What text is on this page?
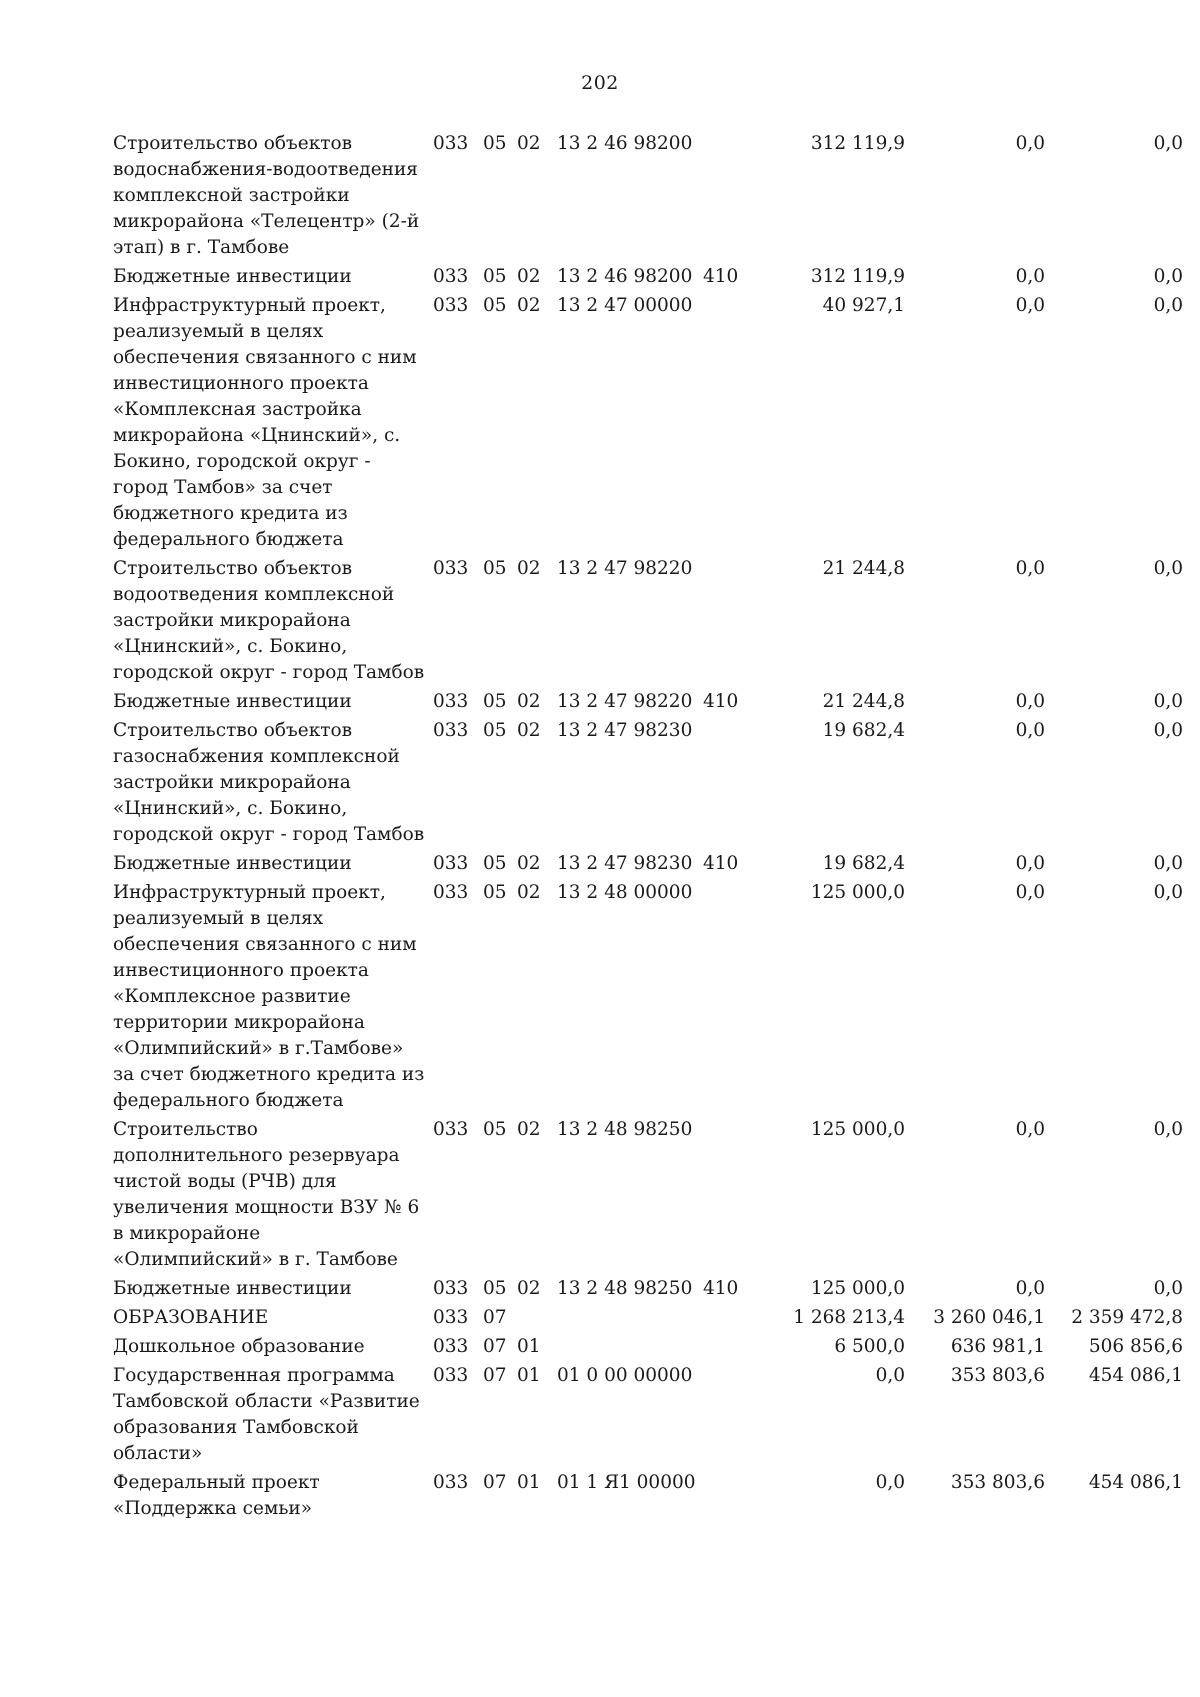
202
Строительство объектов водоснабжения-водоотведения комплексной застройки микрорайона «Телецентр» (2-й этап) в г. Тамбове	033	05	02	13 2 46 98200		312 119,9	0,0	0,0
Бюджетные инвестиции	033	05	02	13 2 46 98200	410	312 119,9	0,0	0,0
Инфраструктурный проект, реализуемый в целях обеспечения связанного с ним инвестиционного проекта «Комплексная застройка микрорайона «Цнинский», с. Бокино, городской округ - город Тамбов» за счет бюджетного кредита из федерального бюджета	033	05	02	13 2 47 00000		40 927,1	0,0	0,0
Строительство объектов водоотведения комплексной застройки микрорайона «Цнинский», с. Бокино, городской округ - город Тамбов	033	05	02	13 2 47 98220		21 244,8	0,0	0,0
Бюджетные инвестиции	033	05	02	13 2 47 98220	410	21 244,8	0,0	0,0
Строительство объектов газоснабжения комплексной застройки микрорайона «Цнинский», с. Бокино, городской округ - город Тамбов	033	05	02	13 2 47 98230		19 682,4	0,0	0,0
Бюджетные инвестиции	033	05	02	13 2 47 98230	410	19 682,4	0,0	0,0
Инфраструктурный проект, реализуемый в целях обеспечения связанного с ним инвестиционного проекта «Комплексное развитие территории микрорайона «Олимпийский» в г.Тамбове» за счет бюджетного кредита из федерального бюджета	033	05	02	13 2 48 00000		125 000,0	0,0	0,0
Строительство дополнительного резервуара чистой воды (РЧВ) для увеличения мощности ВЗУ № 6 в микрорайоне «Олимпийский» в г. Тамбове	033	05	02	13 2 48 98250		125 000,0	0,0	0,0
Бюджетные инвестиции	033	05	02	13 2 48 98250	410	125 000,0	0,0	0,0
ОБРАЗОВАНИЕ	033	07				1 268 213,4	3 260 046,1	2 359 472,8
Дошкольное образование	033	07	01			6 500,0	636 981,1	506 856,6
Государственная программа Тамбовской области «Развитие образования Тамбовской области»	033	07	01	01 0 00 00000		0,0	353 803,6	454 086,1
Федеральный проект «Поддержка семьи»	033	07	01	01 1 Я1 00000		0,0	353 803,6	454 086,1
